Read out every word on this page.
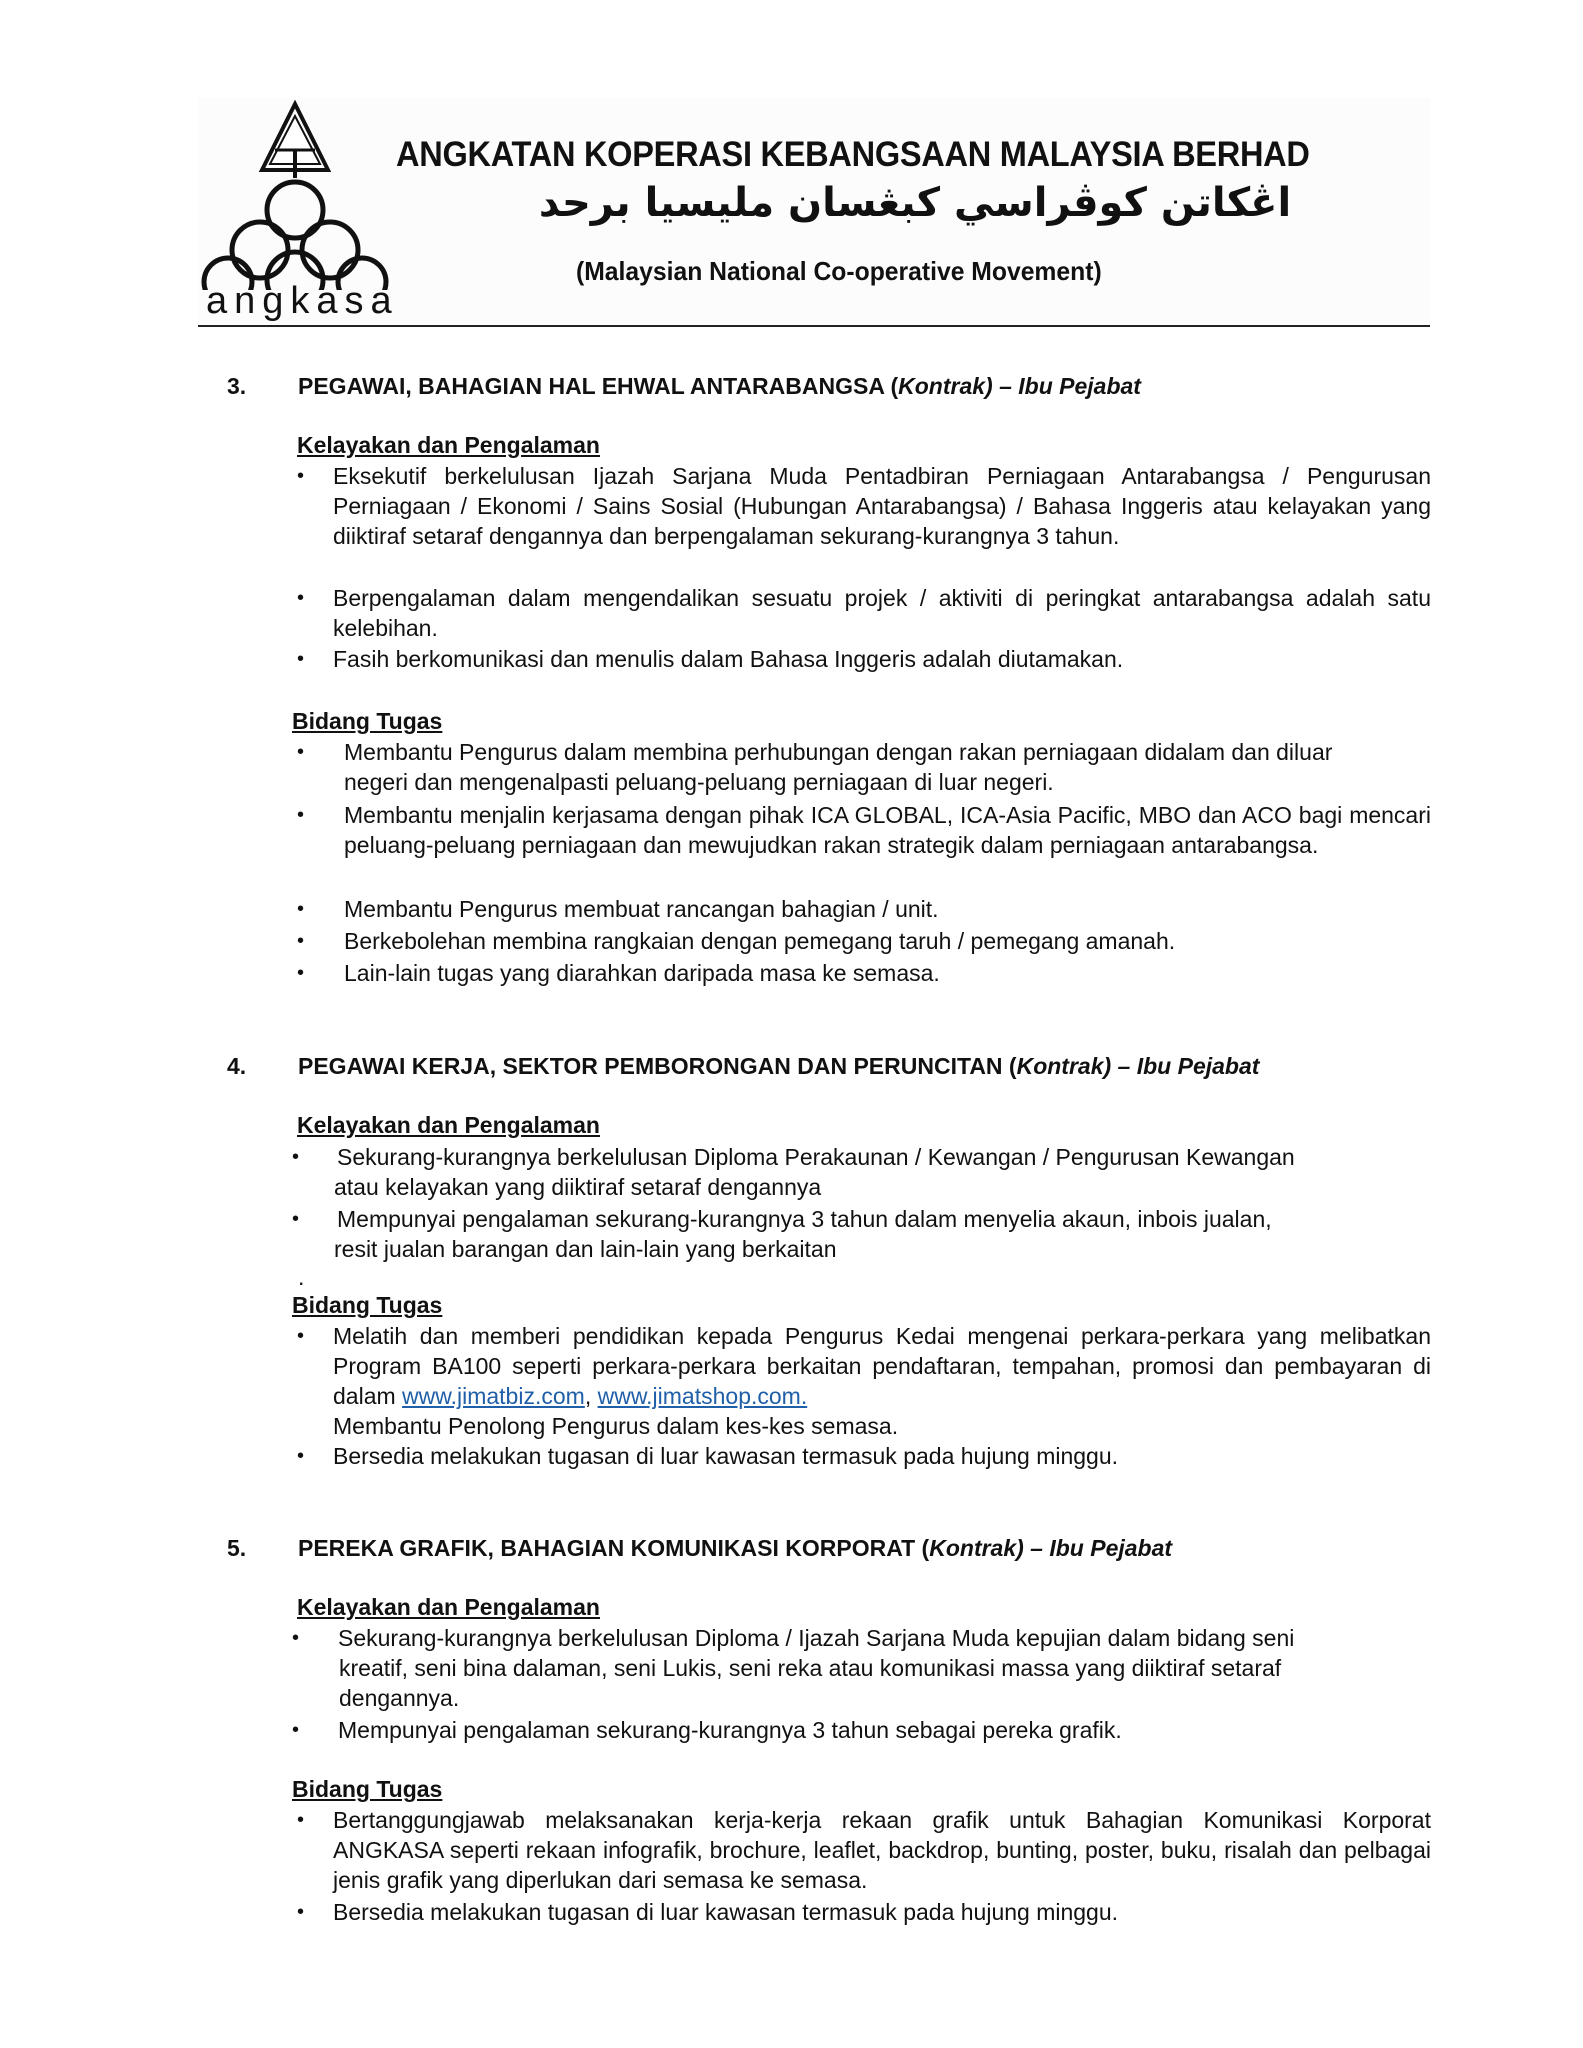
angkasa
ANGKATAN KOPERASI KEBANGSAAN MALAYSIA BERHAD
اڠکاتن کوڤراسي کبڠسان مليسيا برحد
(Malaysian National Co-operative Movement)
3. PEGAWAI, BAHAGIAN HAL EHWAL ANTARABANGSA (Kontrak) – Ibu Pejabat
Kelayakan dan Pengalaman
• Eksekutif berkelulusan Ijazah Sarjana Muda Pentadbiran Perniagaan Antarabangsa / Pengurusan Perniagaan / Ekonomi / Sains Sosial (Hubungan Antarabangsa) / Bahasa Inggeris atau kelayakan yang diiktiraf setaraf dengannya dan berpengalaman sekurang-kurangnya 3 tahun.
• Berpengalaman dalam mengendalikan sesuatu projek / aktiviti di peringkat antarabangsa adalah satu kelebihan.
• Fasih berkomunikasi dan menulis dalam Bahasa Inggeris adalah diutamakan.
Bidang Tugas
• Membantu Pengurus dalam membina perhubungan dengan rakan perniagaan didalam dan diluar negeri dan mengenalpasti peluang-peluang perniagaan di luar negeri.
• Membantu menjalin kerjasama dengan pihak ICA GLOBAL, ICA-Asia Pacific, MBO dan ACO bagi mencari peluang-peluang perniagaan dan mewujudkan rakan strategik dalam perniagaan antarabangsa.
• Membantu Pengurus membuat rancangan bahagian / unit.
• Berkebolehan membina rangkaian dengan pemegang taruh / pemegang amanah.
• Lain-lain tugas yang diarahkan daripada masa ke semasa.
4. PEGAWAI KERJA, SEKTOR PEMBORONGAN DAN PERUNCITAN (Kontrak) – Ibu Pejabat
Kelayakan dan Pengalaman
• Sekurang-kurangnya berkelulusan Diploma Perakaunan / Kewangan / Pengurusan Kewangan
atau kelayakan yang diiktiraf setaraf dengannya
• Mempunyai pengalaman sekurang-kurangnya 3 tahun dalam menyelia akaun, inbois jualan,
resit jualan barangan dan lain-lain yang berkaitan
.
Bidang Tugas
• Melatih dan memberi pendidikan kepada Pengurus Kedai mengenai perkara-perkara yang melibatkan Program BA100 seperti perkara-perkara berkaitan pendaftaran, tempahan, promosi dan pembayaran di dalam www.jimatbiz.com, www.jimatshop.com.
Membantu Penolong Pengurus dalam kes-kes semasa.
• Bersedia melakukan tugasan di luar kawasan termasuk pada hujung minggu.
5. PEREKA GRAFIK, BAHAGIAN KOMUNIKASI KORPORAT (Kontrak) – Ibu Pejabat
Kelayakan dan Pengalaman
• Sekurang-kurangnya berkelulusan Diploma / Ijazah Sarjana Muda kepujian dalam bidang seni
kreatif, seni bina dalaman, seni Lukis, seni reka atau komunikasi massa yang diiktiraf setaraf
dengannya.
• Mempunyai pengalaman sekurang-kurangnya 3 tahun sebagai pereka grafik.
Bidang Tugas
• Bertanggungjawab melaksanakan kerja-kerja rekaan grafik untuk Bahagian Komunikasi Korporat ANGKASA seperti rekaan infografik, brochure, leaflet, backdrop, bunting, poster, buku, risalah dan pelbagai jenis grafik yang diperlukan dari semasa ke semasa.
• Bersedia melakukan tugasan di luar kawasan termasuk pada hujung minggu.
